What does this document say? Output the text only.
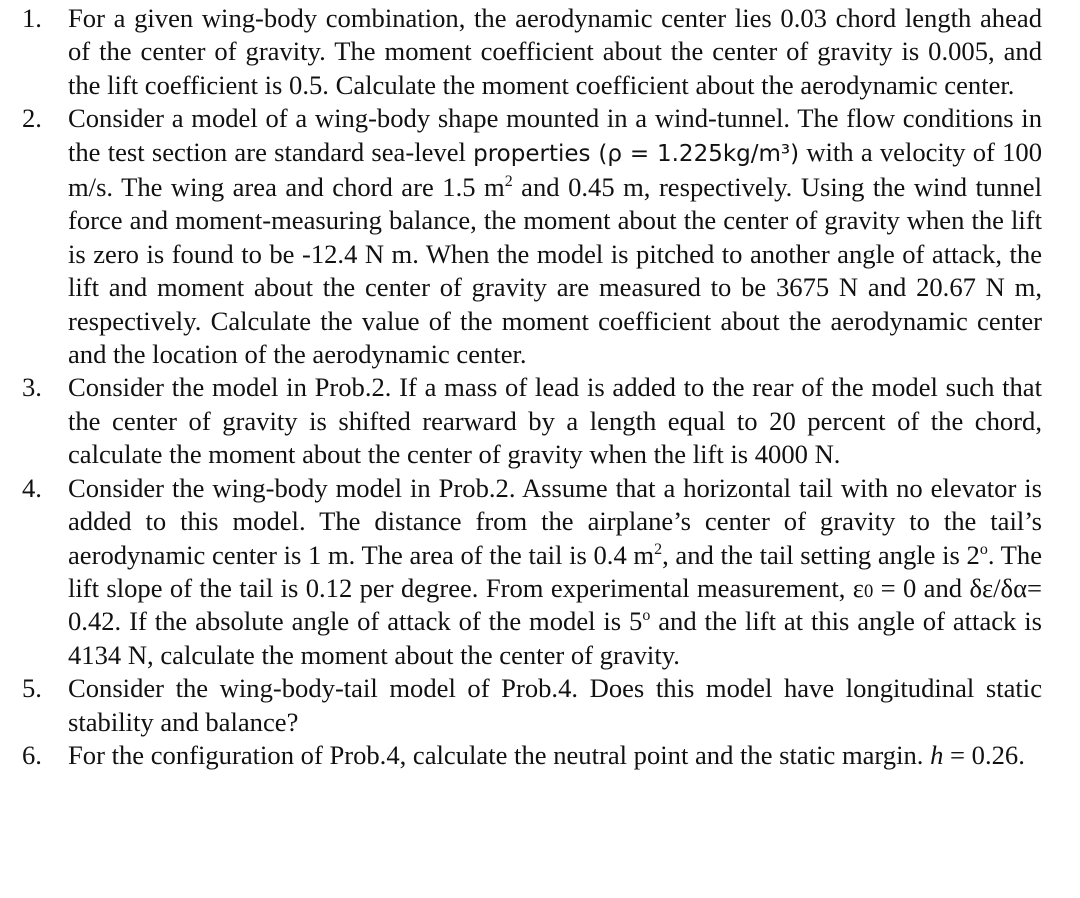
1. For a given wing-body combination, the aerodynamic center lies 0.03 chord length ahead of the center of gravity. The moment coefficient about the center of gravity is 0.005, and the lift coefficient is 0.5. Calculate the moment coefficient about the aerodynamic center.
2. Consider a model of a wing-body shape mounted in a wind-tunnel. The flow conditions in the test section are standard sea-level properties (ρ = 1.225kg/m³) with a velocity of 100 m/s. The wing area and chord are 1.5 $m^2$ and 0.45 m, respectively. Using the wind tunnel force and moment-measuring balance, the moment about the center of gravity when the lift is zero is found to be -12.4 N m. When the model is pitched to another angle of attack, the lift and moment about the center of gravity are measured to be 3675 N and 20.67 N m, respectively. Calculate the value of the moment coefficient about the aerodynamic center and the location of the aerodynamic center.
3. Consider the model in Prob.2. If a mass of lead is added to the rear of the model such that the center of gravity is shifted rearward by a length equal to 20 percent of the chord, calculate the moment about the center of gravity when the lift is 4000 N.
4. Consider the wing-body model in Prob.2. Assume that a horizontal tail with no elevator is added to this model. The distance from the airplane’s center of gravity to the tail’s aerodynamic center is 1 m. The area of the tail is 0.4 $m^2$, and the tail setting angle is 2$^o$. The lift slope of the tail is 0.12 per degree. From experimental measurement, ε0 = 0 and δε/δα= 0.42. If the absolute angle of attack of the model is 5$^o$ and the lift at this angle of attack is 4134 N, calculate the moment about the center of gravity.
5. Consider the wing-body-tail model of Prob.4. Does this model have longitudinal static stability and balance?
6. For the configuration of Prob.4, calculate the neutral point and the static margin. h = 0.26.
